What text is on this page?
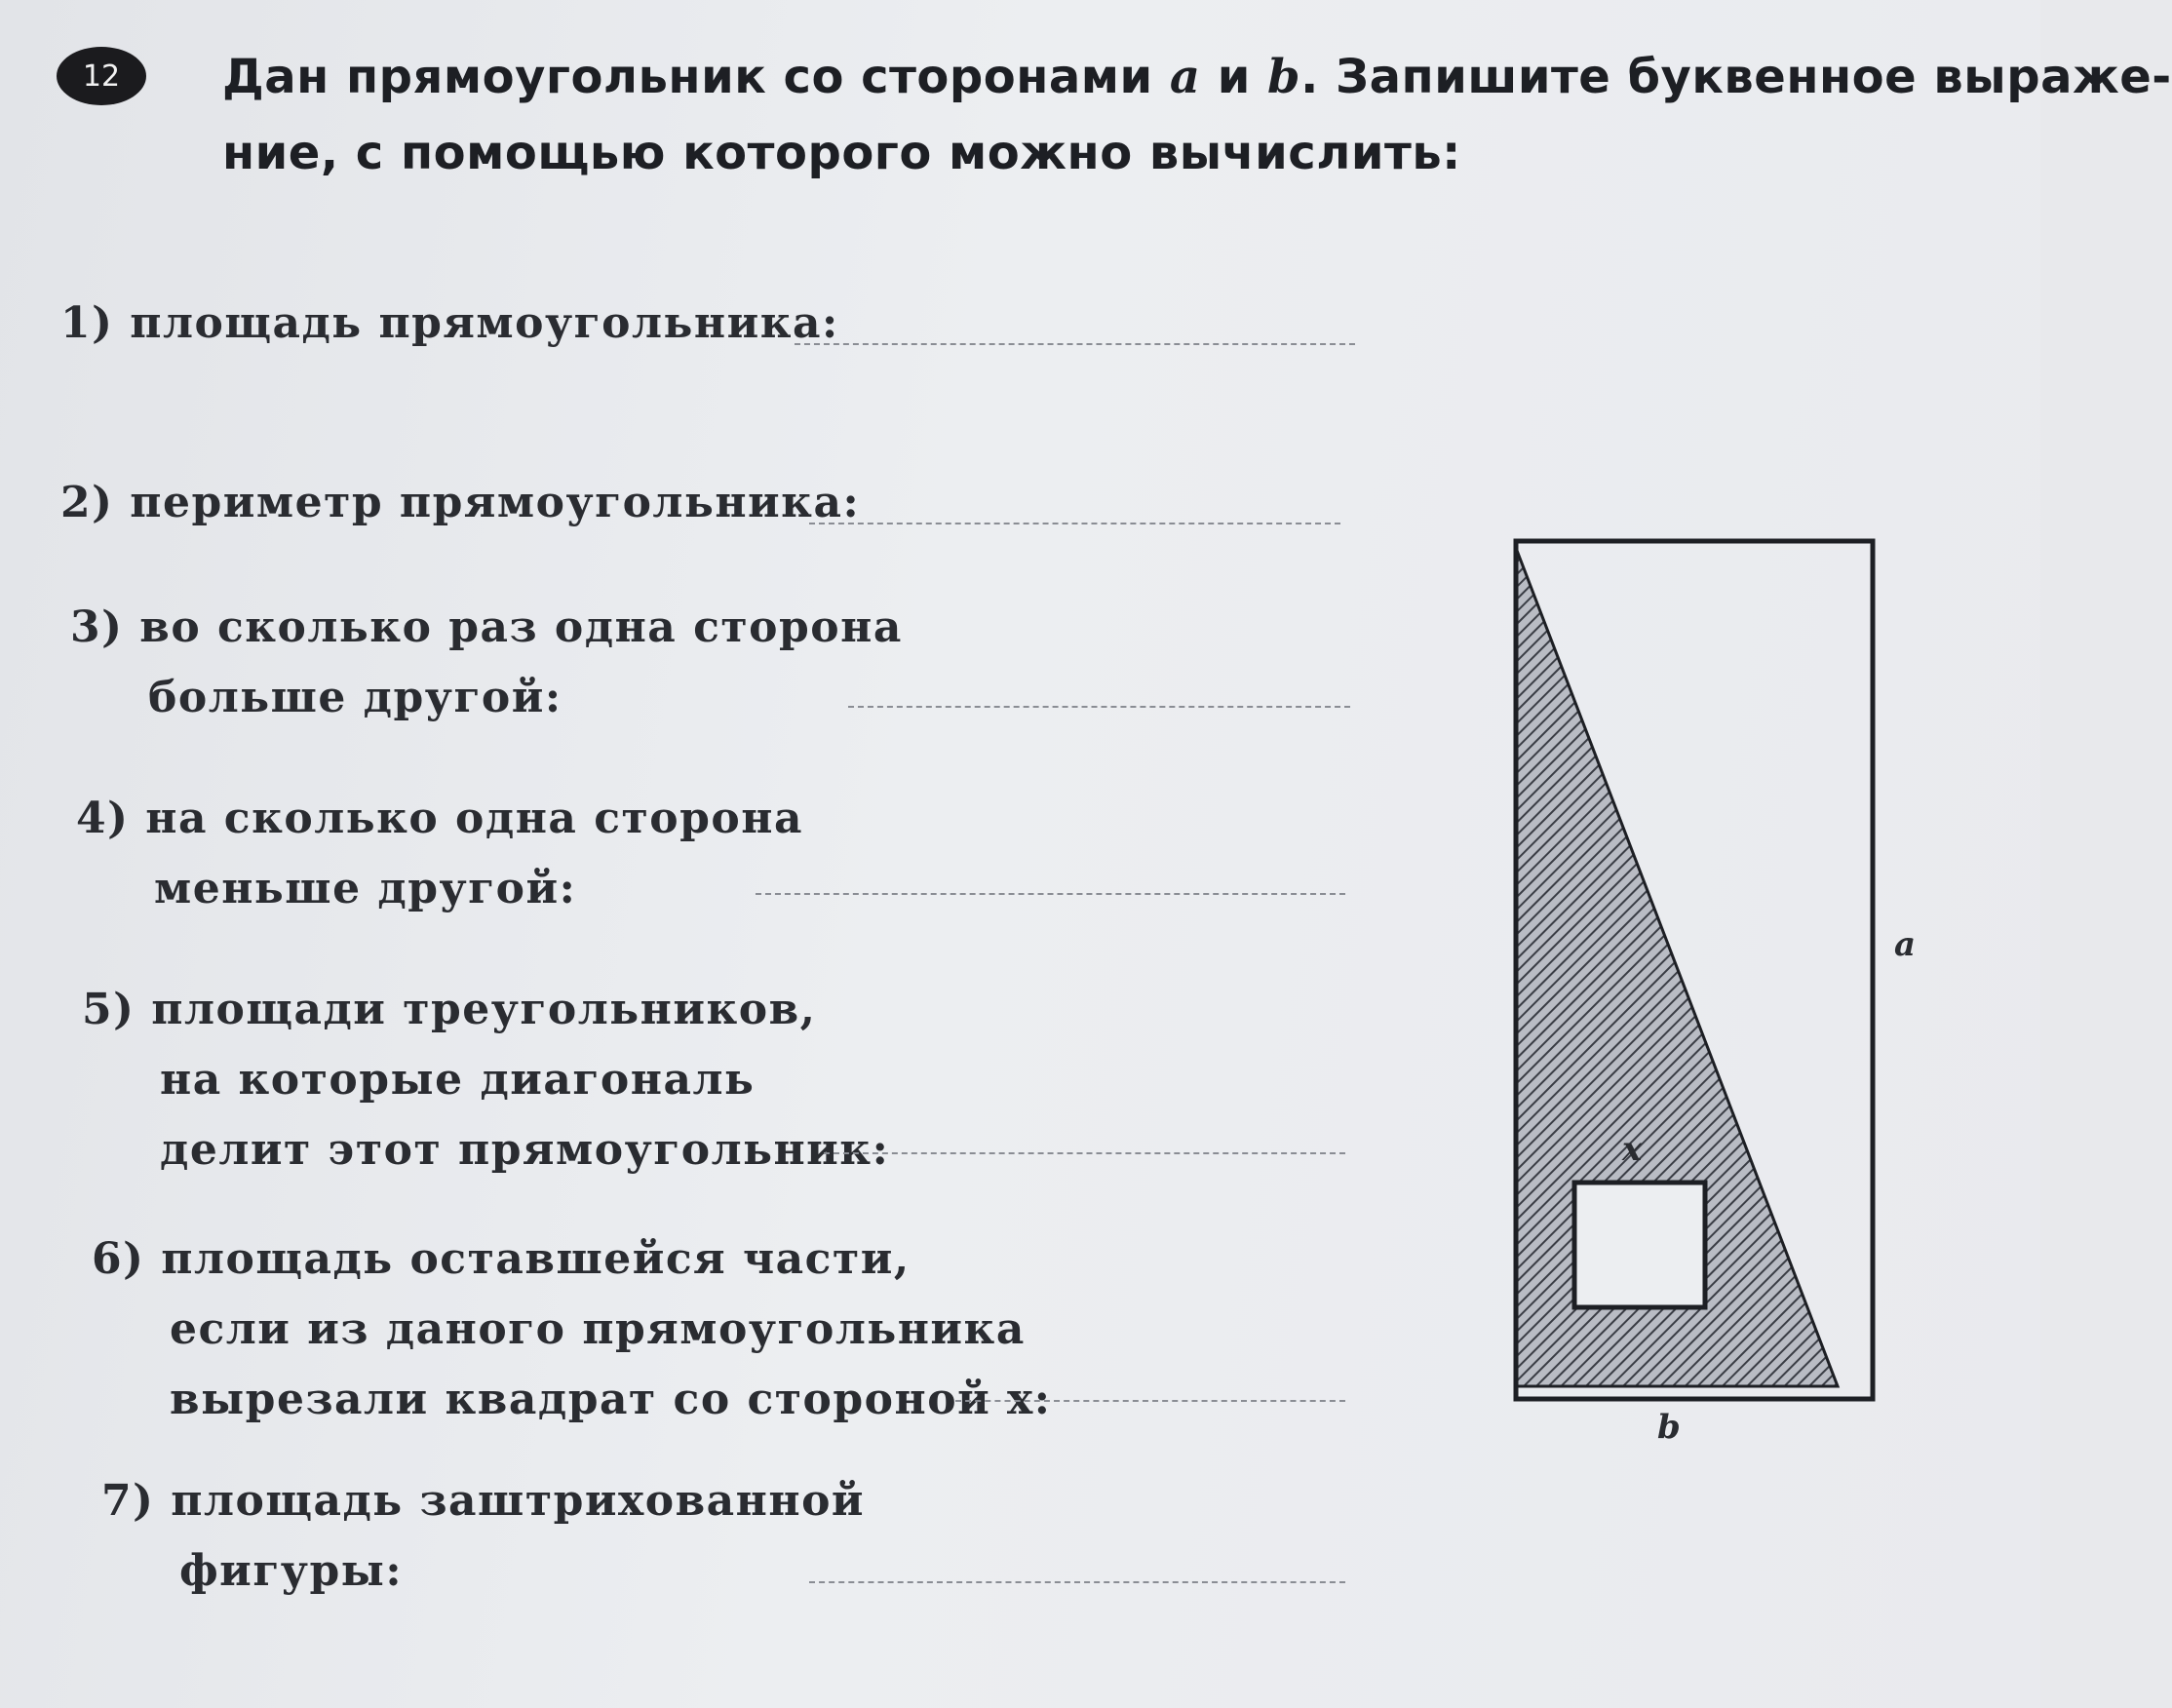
12 Дан прямоугольник со сторонами a и b. Запишите буквенное выраже-
ние, с помощью которого можно вычислить:
1) площадь прямоугольника:
2) периметр прямоугольника:
3) во сколько раз одна сторона
больше другой:
4) на сколько одна сторона
меньше другой:
5) площади треугольников,
на которые диагональ
делит этот прямоугольник:
6) площадь оставшейся части,
если из даного прямоугольника
вырезали квадрат со стороной x:
7) площадь заштрихованной
фигуры:
a
b
x
